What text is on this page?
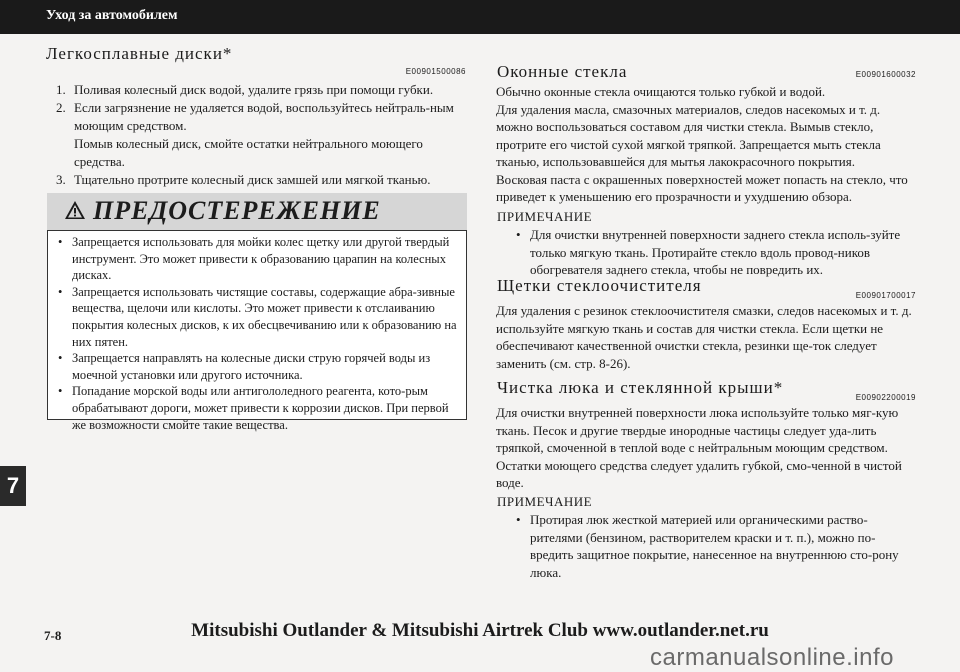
Уход за автомобилем
7
Легкосплавные диски*
E00901500086
1. Поливая колесный диск водой, удалите грязь при помощи губки.
2. Если загрязнение не удаляется водой, воспользуйтесь нейтраль-ным моющим средством.
Помыв колесный диск, смойте остатки нейтрального моющего средства.
3. Тщательно протрите колесный диск замшей или мягкой тканью.
ПРЕДОСТЕРЕЖЕНИЕ
• Запрещается использовать для мойки колес щетку или другой твердый инструмент. Это может привести к образованию царапин на колесных дисках.
• Запрещается использовать чистящие составы, содержащие абра-зивные вещества, щелочи или кислоты. Это может привести к отслаиванию покрытия колесных дисков, к их обесцвечиванию или к образованию на них пятен.
• Запрещается направлять на колесные диски струю горячей воды из моечной установки или другого источника.
• Попадание морской воды или антигололедного реагента, кото-рым обрабатывают дороги, может привести к коррозии дисков. При первой же возможности смойте такие вещества.
Оконные стекла	E00901600032

Обычно оконные стекла очищаются только губкой и водой.

Для удаления масла, смазочных материалов, следов насекомых и т. д. можно воспользоваться составом для чистки стекла. Вымыв стекло, протрите его чистой сухой мягкой тряпкой. Запрещается мыть стекла тканью, использовавшейся для мытья лакокрасочного покрытия.

Восковая паста с окрашенных поверхностей может попасть на стекло, что приведет к уменьшению его прозрачности и ухудшению обзора.

ПРИМЕЧАНИЕ
• Для очистки внутренней поверхности заднего стекла исполь-зуйте только мягкую ткань. Протирайте стекло вдоль провод-ников обогревателя заднего стекла, чтобы не повредить их.
Щетки стеклоочистителя
E00901700017
Для удаления с резинок стеклоочистителя смазки, следов насекомых и т. д. используйте мягкую ткань и состав для чистки стекла. Если щетки не обеспечивают качественной очистки стекла, резинки ще-ток следует заменить (см. стр. 8-26).
Чистка люка и стеклянной крыши*
E00902200019
Для очистки внутренней поверхности люка используйте только мяг-кую ткань. Песок и другие твердые инородные частицы следует уда-лить тряпкой, смоченной в теплой воде с нейтральным моющим средством. Остатки моющего средства следует удалить губкой, смо-ченной в чистой воде.
ПРИМЕЧАНИЕ
• Протирая люк жесткой материей или органическими раство-рителями (бензином, растворителем краски и т. п.), можно по-вредить защитное покрытие, нанесенное на внутреннюю сто-рону люка.
7-8	Mitsubishi Outlander & Mitsubishi Airtrek Club www.outlander.net.ru
carmanualsonline.info
